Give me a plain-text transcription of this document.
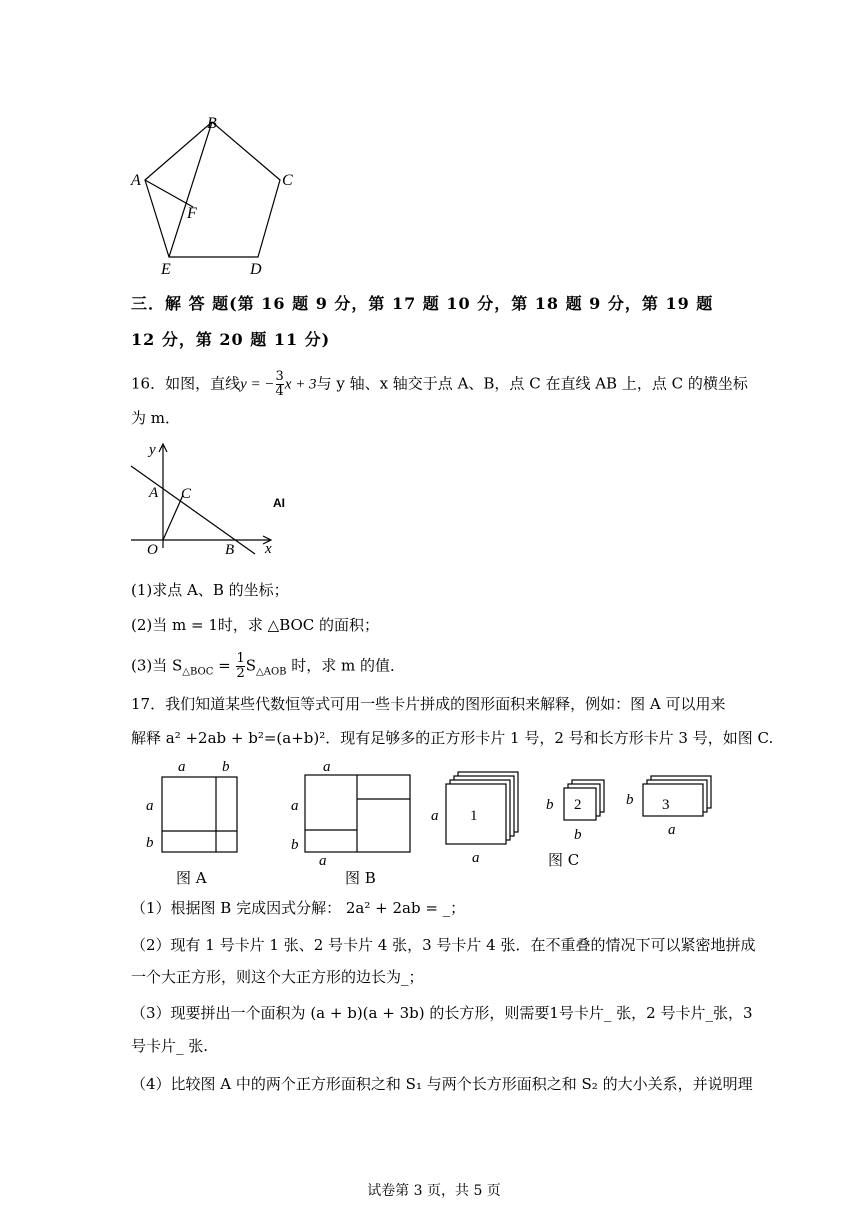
B
A	C
F
E	D
三．解 答 题(第 16 题 9 分，第 17 题 10 分，第 18 题 9 分，第 19 题
12 分，第 20 题 11 分)
16．如图，直线y = − $\frac{3}{4}$ x + 3与 y 轴、x 轴交于点 A、B，点 C 在直线 AB 上，点 C 的横坐标
为 m．
y
A C
O	B x
AI
(1)求点 A、B 的坐标；
(2)当 m = 1时，求 △BOC 的面积；
(3)当 $S_{\triangle BOC} = \frac{1}{2} S_{\triangle AOB}$ 时，求 m 的值．
17．我们知道某些代数恒等式可用一些卡片拼成的图形面积来解释，例如：图 A 可以用来
解释 a² +2ab + b²=(a+b)²．现有足够多的正方形卡片 1 号，2 号和长方形卡片 3 号，如图 C.
a b
a
b
图 A
a
a
b
a
图 B
1
a
a
2
b
b
图 C
3
b
a
（1）根据图 B 完成因式分解： 2a² + 2ab = _；
（2）现有 1 号卡片 1 张、2 号卡片 4 张，3 号卡片 4 张．在不重叠的情况下可以紧密地拼成
一个大正方形，则这个大正方形的边长为_；
（3）现要拼出一个面积为 (a + b)(a + 3b) 的长方形，则需要1号卡片_ 张，2 号卡片_张，3
号卡片_ 张.
（4）比较图 A 中的两个正方形面积之和 S₁ 与两个长方形面积之和 S₂ 的大小关系，并说明理
试卷第 3 页，共 5 页
